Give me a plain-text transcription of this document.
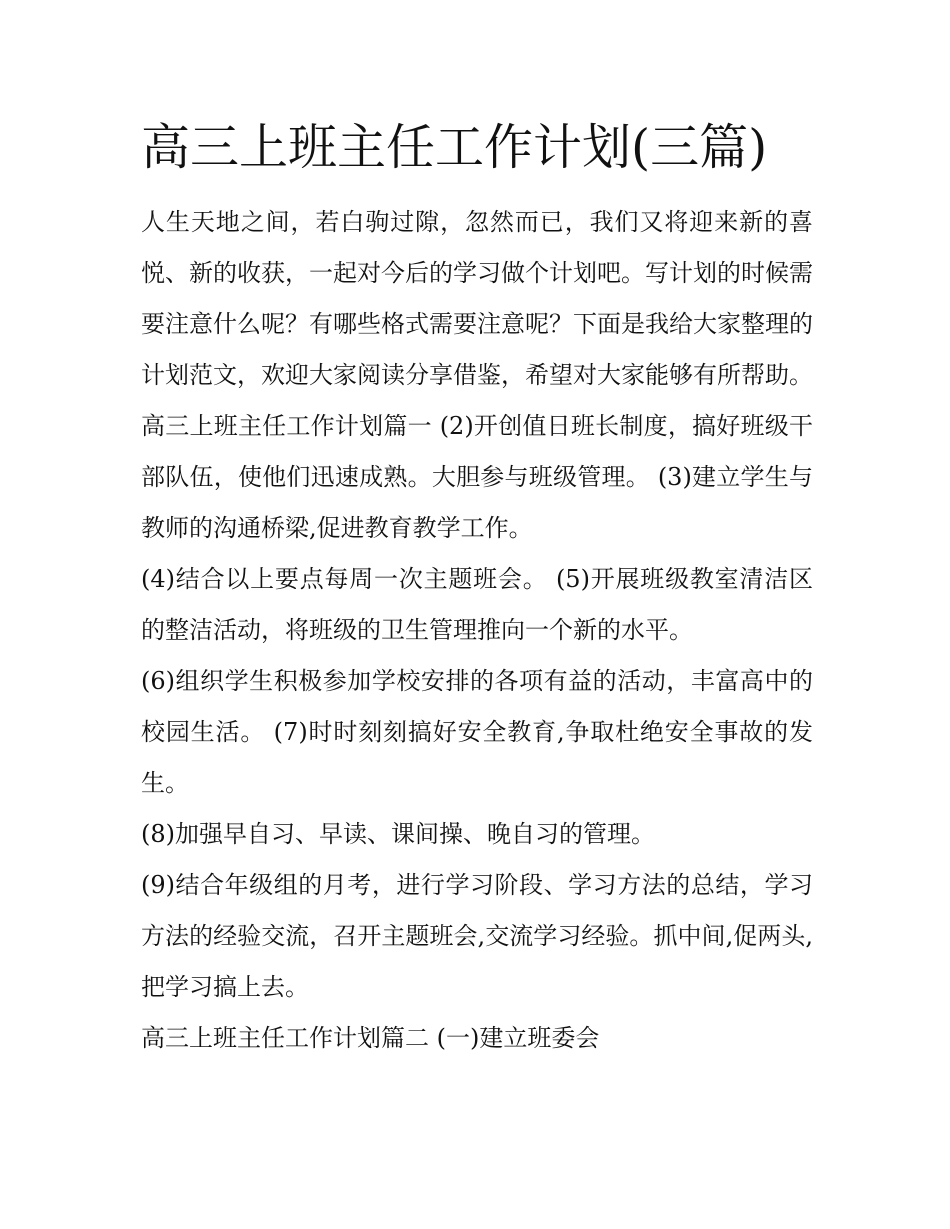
高三上班主任工作计划(三篇)

人生天地之间，若白驹过隙，忽然而已，我们又将迎来新的喜悦、新的收获，一起对今后的学习做个计划吧。写计划的时候需要注意什么呢？有哪些格式需要注意呢？下面是我给大家整理的计划范文，欢迎大家阅读分享借鉴，希望对大家能够有所帮助。

高三上班主任工作计划篇一 (2)开创值日班长制度，搞好班级干部队伍，使他们迅速成熟。大胆参与班级管理。 (3)建立学生与教师的沟通桥梁,促进教育教学工作。

(4)结合以上要点每周一次主题班会。 (5)开展班级教室清洁区的整洁活动，将班级的卫生管理推向一个新的水平。

(6)组织学生积极参加学校安排的各项有益的活动，丰富高中的校园生活。 (7)时时刻刻搞好安全教育,争取杜绝安全事故的发生。

(8)加强早自习、早读、课间操、晚自习的管理。

(9)结合年级组的月考，进行学习阶段、学习方法的总结，学习方法的经验交流，召开主题班会,交流学习经验。抓中间,促两头,把学习搞上去。

高三上班主任工作计划篇二 (一)建立班委会
